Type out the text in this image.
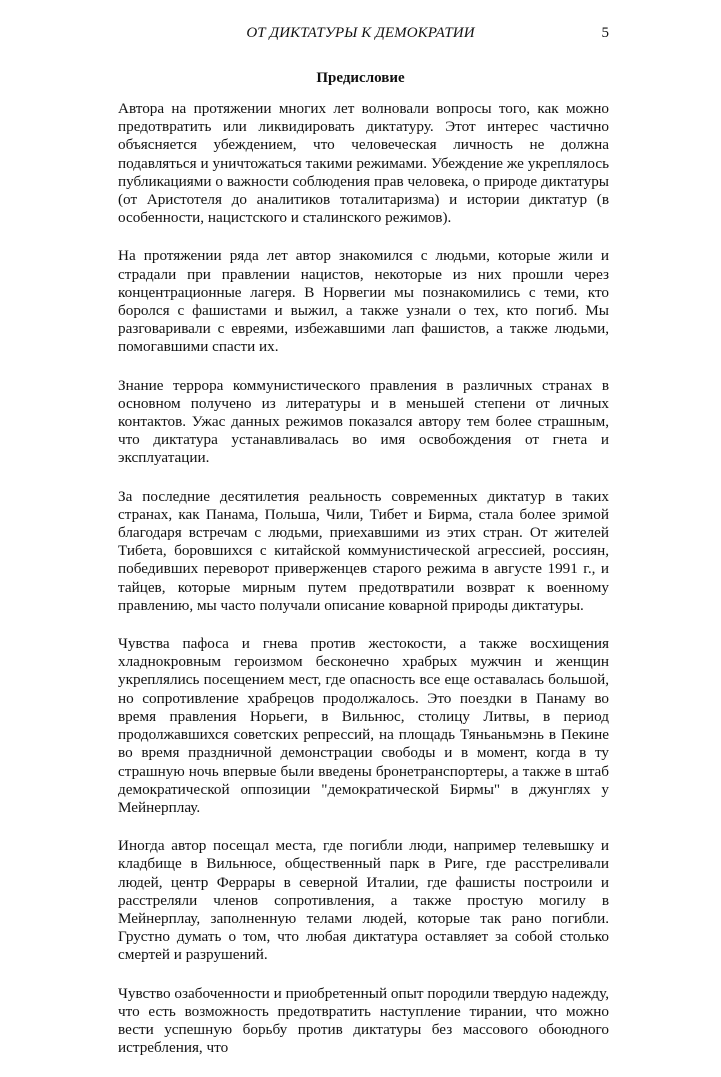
ОТ ДИКТАТУРЫ К ДЕМОКРАТИИ	5
Предисловие

Автора на протяжении многих лет волновали вопросы того, как можно предотвратить или ликвидировать диктатуру. Этот интерес частично объясняется убеждением, что человеческая личность не должна подавляться и уничтожаться такими режимами. Убеждение же укреплялось публикациями о важности соблюдения прав человека, о природе диктатуры (от Аристотеля до аналитиков тоталитаризма) и истории диктатур (в особенности, нацистского и сталинского режимов).

На протяжении ряда лет автор знакомился с людьми, которые жили и страдали при правлении нацистов, некоторые из них прошли через концентрационные лагеря. В Норвегии мы познакомились с теми, кто боролся с фашистами и выжил, а также узнали о тех, кто погиб. Мы разговаривали с евреями, избежавшими лап фашистов, а также людьми, помогавшими спасти их.

Знание террора коммунистического правления в различных странах в основном получено из литературы и в меньшей степени от личных контактов. Ужас данных режимов показался автору тем более страшным, что диктатура устанавливалась во имя освобождения от гнета и эксплуатации.

За последние десятилетия реальность современных диктатур в таких странах, как Панама, Польша, Чили, Тибет и Бирма, стала более зримой благодаря встречам с людьми, приехавшими из этих стран. От жителей Тибета, боровшихся с китайской коммунистической агрессией, россиян, победивших переворот приверженцев старого режима в августе 1991 г., и тайцев, которые мирным путем предотвратили возврат к военному правлению, мы часто получали описание коварной природы диктатуры.

Чувства пафоса и гнева против жестокости, а также восхищения хладнокровным героизмом бесконечно храбрых мужчин и женщин укреплялись посещением мест, где опасность все еще оставалась большой, но сопротивление храбрецов продолжалось. Это поездки в Панаму во время правления Норьеги, в Вильнюс, столицу Литвы, в период продолжавшихся советских репрессий, на площадь Тяньаньмэнь в Пекине во время праздничной демонстрации свободы и в момент, когда в ту страшную ночь впервые были введены бронетранспортеры, а также в штаб демократической оппозиции "демократической Бирмы" в джунглях у Мейнерплау.

Иногда автор посещал места, где погибли люди, например телевышку и кладбище в Вильнюсе, общественный парк в Риге, где расстреливали людей, центр Феррары в северной Италии, где фашисты построили и расстреляли членов сопротивления, а также простую могилу в Мейнерплау, заполненную телами людей, которые так рано погибли. Грустно думать о том, что любая диктатура оставляет за собой столько смертей и разрушений.

Чувство озабоченности и приобретенный опыт породили твердую надежду, что есть возможность предотвратить наступление тирании, что можно вести успешную борьбу против диктатуры без массового обоюдного истребления, что
